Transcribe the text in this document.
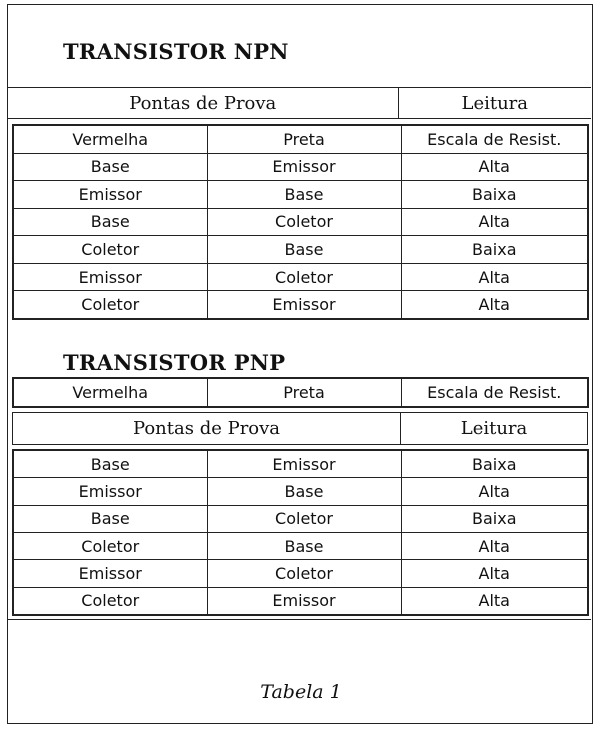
TRANSISTOR NPN
Pontas de Prova	Leitura
Vermelha	Preta	Escala de Resist.
Base	Emissor	Alta
Emissor	Base	Baixa
Base	Coletor	Alta
Coletor	Base	Baixa
Emissor	Coletor	Alta
Coletor	Emissor	Alta
TRANSISTOR PNP
Vermelha	Preta	Escala de Resist.
Pontas de Prova	Leitura
Base	Emissor	Baixa
Emissor	Base	Alta
Base	Coletor	Baixa
Coletor	Base	Alta
Emissor	Coletor	Alta
Coletor	Emissor	Alta
Tabela 1
